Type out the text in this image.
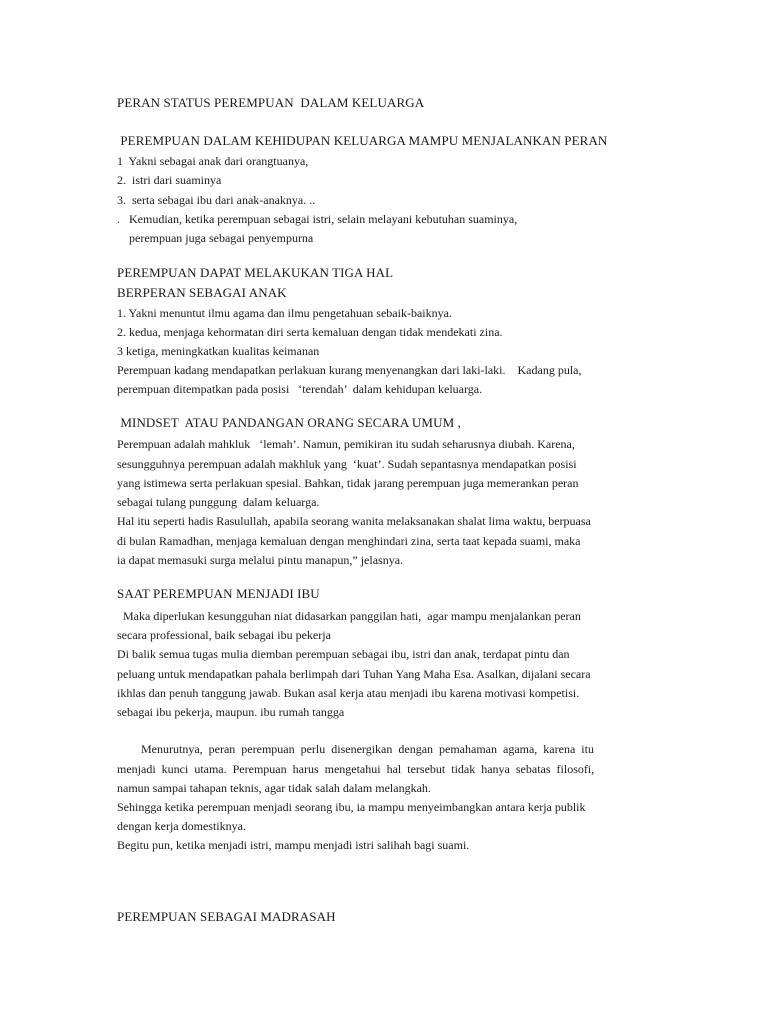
PERAN STATUS PEREMPUAN  DALAM KELUARGA
PEREMPUAN DALAM KEHIDUPAN KELUARGA MAMPU MENJALANKAN PERAN
1  Yakni sebagai anak dari orangtuanya,
2.  istri dari suaminya
3.  serta sebagai ibu dari anak-anaknya. ..
.   Kemudian, ketika perempuan sebagai istri, selain melayani kebutuhan suaminya,
perempuan juga sebagai penyempurna
PEREMPUAN DAPAT MELAKUKAN TIGA HAL
BERPERAN SEBAGAI ANAK
1. Yakni menuntut ilmu agama dan ilmu pengetahuan sebaik-baiknya.
2. kedua, menjaga kehormatan diri serta kemaluan dengan tidak mendekati zina.
3 ketiga, meningkatkan kualitas keimanan
Perempuan kadang mendapatkan perlakuan kurang menyenangkan dari laki-laki.    Kadang pula,
perempuan ditempatkan pada posisi   ‘terendah’  dalam kehidupan keluarga.
MINDSET  ATAU PANDANGAN ORANG SECARA UMUM ,
Perempuan adalah mahkluk   ‘lemah’. Namun, pemikiran itu sudah seharusnya diubah. Karena,
sesungguhnya perempuan adalah makhluk yang  ‘kuat’. Sudah sepantasnya mendapatkan posisi
yang istimewa serta perlakuan spesial. Bahkan, tidak jarang perempuan juga memerankan peran
sebagai tulang punggung  dalam keluarga.
Hal itu seperti hadis Rasulullah, apabila seorang wanita melaksanakan shalat lima waktu, berpuasa
di bulan Ramadhan, menjaga kemaluan dengan menghindari zina, serta taat kepada suami, maka
ia dapat memasuki surga melalui pintu manapun,” jelasnya.
SAAT PEREMPUAN MENJADI IBU
Maka diperlukan kesungguhan niat didasarkan panggilan hati,  agar mampu menjalankan peran
secara professional, baik sebagai ibu pekerja
Di balik semua tugas mulia diemban perempuan sebagai ibu, istri dan anak, terdapat pintu dan
peluang untuk mendapatkan pahala berlimpah dari Tuhan Yang Maha Esa. Asalkan, dijalani secara
ikhlas dan penuh tanggung jawab. Bukan asal kerja atau menjadi ibu karena motivasi kompetisi.
sebagai ibu pekerja, maupun. ibu rumah tangga
Menurutnya,  peran  perempuan  perlu  disenergikan  dengan  pemahaman  agama,  karena  itu
menjadi  kunci  utama.  Perempuan  harus  mengetahui  hal  tersebut  tidak  hanya  sebatas  filosofi,
namun sampai tahapan teknis, agar tidak salah dalam melangkah.
Sehingga ketika perempuan menjadi seorang ibu, ia mampu menyeimbangkan antara kerja publik
dengan kerja domestiknya.
Begitu pun, ketika menjadi istri, mampu menjadi istri salihah bagi suami.
PEREMPUAN SEBAGAI MADRASAH
